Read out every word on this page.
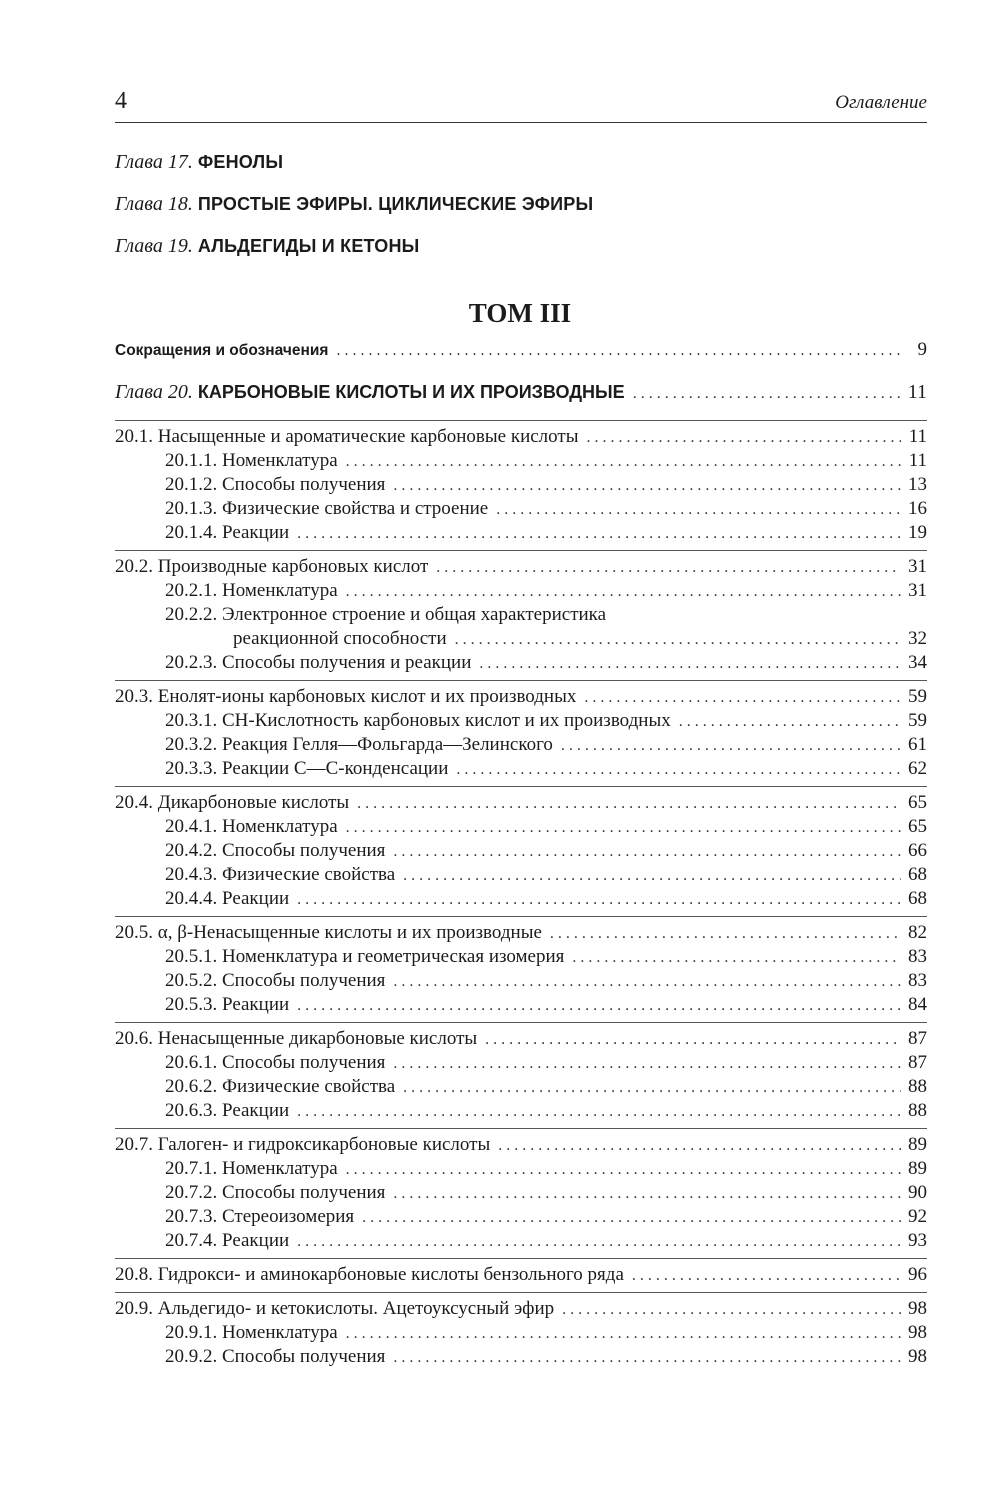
4	Оглавление
Глава 17. ФЕНОЛЫ
Глава 18. ПРОСТЫЕ ЭФИРЫ. ЦИКЛИЧЕСКИЕ ЭФИРЫ
Глава 19. АЛЬДЕГИДЫ И КЕТОНЫ
ТОМ III
Сокращения и обозначения . . .	9
Глава 20. КАРБОНОВЫЕ КИСЛОТЫ И ИХ ПРОИЗВОДНЫЕ . . .	11
20.1. Насыщенные и ароматические карбоновые кислоты . . .	11
20.1.1. Номенклатура . . .	11
20.1.2. Способы получения . . .	13
20.1.3. Физические свойства и строение . . .	16
20.1.4. Реакции . . .	19
20.2. Производные карбоновых кислот . . .	31
20.2.1. Номенклатура . . .	31
20.2.2. Электронное строение и общая характеристика
реакционной способности . . .	32
20.2.3. Способы получения и реакции . . .	34
20.3. Енолят-ионы карбоновых кислот и их производных . . .	59
20.3.1. CH-Кислотность карбоновых кислот и их производных . . .	59
20.3.2. Реакция Гелля—Фольгарда—Зелинского . . .	61
20.3.3. Реакции С—С-конденсации . . .	62
20.4. Дикарбоновые кислоты . . .	65
20.4.1. Номенклатура . . .	65
20.4.2. Способы получения . . .	66
20.4.3. Физические свойства . . .	68
20.4.4. Реакции . . .	68
20.5. α, β-Ненасыщенные кислоты и их производные . . .	82
20.5.1. Номенклатура и геометрическая изомерия . . .	83
20.5.2. Способы получения . . .	83
20.5.3. Реакции . . .	84
20.6. Ненасыщенные дикарбоновые кислоты . . .	87
20.6.1. Способы получения . . .	87
20.6.2. Физические свойства . . .	88
20.6.3. Реакции . . .	88
20.7. Галоген- и гидроксикарбоновые кислоты . . .	89
20.7.1. Номенклатура . . .	89
20.7.2. Способы получения . . .	90
20.7.3. Стереоизомерия . . .	92
20.7.4. Реакции . . .	93
20.8. Гидрокси- и аминокарбоновые кислоты бензольного ряда . . .	96
20.9. Альдегидо- и кетокислоты. Ацетоуксусный эфир . . .	98
20.9.1. Номенклатура . . .	98
20.9.2. Способы получения . . .	98
